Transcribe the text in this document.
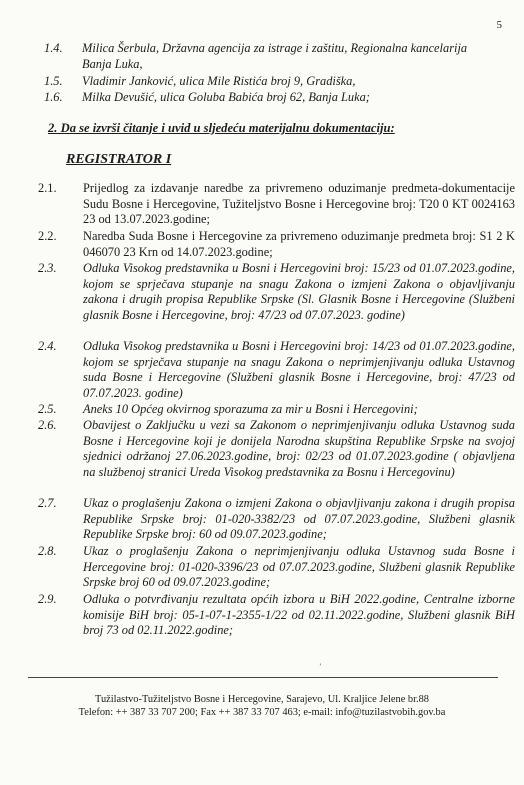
5
1.4. Milica Šerbula, Državna agencija za istrage i zaštitu, Regionalna kancelarija Banja Luka,
1.5. Vladimir Janković, ulica Mile Ristića broj 9, Gradiška,
1.6. Milka Devušić, ulica Goluba Babića broj 62, Banja Luka;
2. Da se izvrši čitanje i uvid u sljedeću materijalnu dokumentaciju:
REGISTRATOR I
2.1. Prijedlog za izdavanje naredbe za privremeno oduzimanje predmeta-dokumentacije Sudu Bosne i Hercegovine, Tužiteljstvo Bosne i Hercegovine broj: T20 0 KT 0024163 23 od 13.07.2023.godine;
2.2. Naredba Suda Bosne i Hercegovine za privremeno oduzimanje predmeta broj: S1 2 K 046070 23 Krn od 14.07.2023.godine;
2.3. Odluka Visokog predstavnika u Bosni i Hercegovini broj: 15/23 od 01.07.2023.godine, kojom se sprječava stupanje na snagu Zakona o izmjeni Zakona o objavljivanju zakona i drugih propisa Republike Srpske (Sl. Glasnik Bosne i Hercegovine (Službeni glasnik Bosne i Hercegovine, broj: 47/23 od 07.07.2023. godine)
2.4. Odluka Visokog predstavnika u Bosni i Hercegovini broj: 14/23 od 01.07.2023.godine, kojom se sprječava stupanje na snagu Zakona o neprimjenjivanju odluka Ustavnog suda Bosne i Hercegovine (Službeni glasnik Bosne i Hercegovine, broj: 47/23 od 07.07.2023. godine)
2.5. Aneks 10 Općeg okvirnog sporazuma za mir u Bosni i Hercegovini;
2.6. Obavijest o Zaključku u vezi sa Zakonom o neprimjenjivanju odluka Ustavnog suda Bosne i Hercegovine koji je donijela Narodna skupština Republike Srpske na svojoj sjednici održanoj 27.06.2023.godine, broj: 02/23 od 01.07.2023.godine ( objavljena na službenoj stranici Ureda Visokog predstavnika za Bosnu i Hercegovinu)
2.7. Ukaz o proglašenju Zakona o izmjeni Zakona o objavljivanju zakona i drugih propisa Republike Srpske broj: 01-020-3382/23 od 07.07.2023.godine, Službeni glasnik Republike Srpske broj: 60 od 09.07.2023.godine;
2.8. Ukaz o proglašenju Zakona o neprimjenjivanju odluka Ustavnog suda Bosne i Hercegovine broj: 01-020-3396/23 od 07.07.2023.godine, Službeni glasnik Republike Srpske broj 60 od 09.07.2023.godine;
2.9. Odluka o potvrđivanju rezultata općih izbora u BiH 2022.godine, Centralne izborne komisije BiH broj: 05-1-07-1-2355-1/22 od 02.11.2022.godine, Službeni glasnik BiH broj 73 od 02.11.2022.godine;
’
Tužilastvo-Tužiteljstvo Bosne i Hercegovine, Sarajevo, Ul. Kraljice Jelene br.88
Telefon: ++ 387 33 707 200; Fax ++ 387 33 707 463; e-mail: info@tuzilastvobih.gov.ba
